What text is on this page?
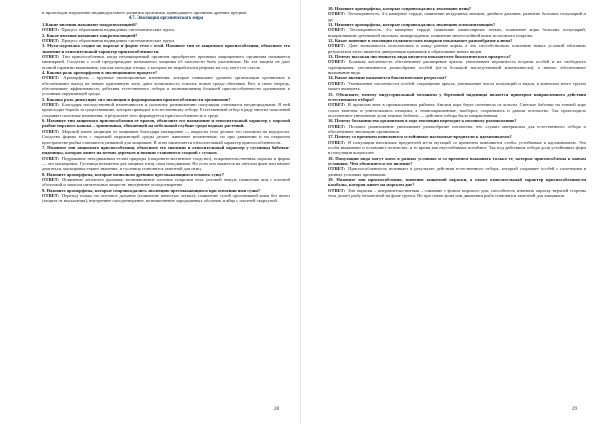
и происходит нарушение индивидуального развития организма, приводящего причинам древних предков.

4.7. Эволюция органического мира

1.Какие явления называют макроэволюцией?

ОТВЕТ: Процесс образования надвидовых систематических групп.

2. Какое явление называют макроэволюцией?

ОТВЕТ: Процесс образования надвидовых систематических групп.

3. Муха-журчалка сходна по окраске и форме тела с осой. Назовите тип ее защитного приспособления, объясните его значение и относительный характер приспособленности.

ОТВЕТ: Тип приспособления, когда незащищенный организм приобретает признаки защищенного организма называется мимикрией. Сходство с осой предупреждает возможного хищника об опасности быть ужаленным. Но эта защита не дает полной гарантии выживания, так как молодые птицы, у которых не выработался рефлекс на осу, могут ее съесть.

4. Какова роль ароморфозов в эволюционном процессе?

ОТВЕТ: Ароморфозы – крупные эволюционные изменения, которые повышают уровень организации организмов и обеспечивают выход на новую адаптивную зону, дают возможность освоить новые среды обитания. Вот, в свою очередь, обеспечивает эффективность действия естественного отбора и возникновения большей приспособленности организмов к условиям окружающей среды.

5. Каковы роль движущих сил эволюции в формировании приспособленности организмов?

ОТВЕТ: Благодаря наследственной изменчивости и половому размножению популяции становятся неоднородными. В ней происходит борьба за существование, которая приводит к естественному отбору. Естественный отбор в ряду многих поколений сохраняет полезные изменения, в результате чего формируется приспособленность к среде.

6. Назовите тип защитного приспособления от врагов, объясните его назначение и относительный характер у морской рыбки морского конька – тряпичника, обитающей на небольшой глубине среди водных растений.

ОТВЕТ: Морской конек защищен от хищников благодаря маскировке — выросты тела делают его похожим на водоросли. Сходство формы тела с окраской окружающей среды делает животное незаметным, но при движении и на открытом пространстве рыбка становится уязвимой для хищников. В этом заключается относительный характер приспособленности.

7. Назовите тип защитного приспособления, объясните его значение и относительный характер у гусеницы бабочки-пяденицы, которая живет на ветвях деревьев и внешне становится сходной с сучком.

ОТВЕТ: Подражание неподвижным телам природы (покровительственное сходство), покровительственная окраска и форма — это маскировка. Гусеница незаметна для хищных птиц, пока неподвижна. Но если она окажется на светлом фоне или начнет двигаться, маскировка теряет значение, и гусеница становится заметной для птиц.

8. Назовите ароморфозы, которые позволили древним пресмыкающимся освоить сушу?

ОТВЕТ: Появление легочного дыхания; возникновение плотных покровов тела, роговой чешуи; появление яиц с плотной оболочкой и запасом питательных веществ; внутреннее оплодотворение.

9. Назовите ароморфозы, которые сопровождались эволюцию пресмыкающихся при освоении ими суши?

ОТВЕТ: Переход только на легочное дыхание (появление ячеистых легких); появление сухой ороговевшей кожи без желез (защита от высыхания); внутреннее оплодотворение, возникновение зародышевых оболочек и яйца с плотной скорлупой.

28

10. Назовите ароморфозы, которые сопровождались эволюцию птиц?

ОТВЕТ: Теплокровность, 4-х камерное сердце, появление воздушных мешков, двойное дыхание, развитие больших полушарий и др.

11. Назовите ароморфозы, которые сопровождались эволюцию млекопитающих?

ОТВЕТ: Теплокровность, 4-х камерное сердце, появление альвеолярных легких, появление коры больших полушарий, вскармливание детенышей молоком, живорождение, появление многослойной кожи, волосяного покрова.

12. Какое значение в эволюции галапагосских вьюрков показывает разнообразие клюва?

ОТВЕТ: Дает возможность использовать в пищу разные корма, а это способствовало освоению новых условий обитания; результатом этого является дивергенция признаков и образование новых видов.

13. Почему высокая численность вида является показателем биологического прогресса?

ОТВЕТ: Большая численность обеспечивает расширение ареала, увеличивает вероятность встречи особей и их свободного скрещивания, увеличивается разнообразие особей (из-за большой наследственной изменчивости), а значит, обеспечивает выживание вида.

14. Какое явление называется биологическим регрессом?

ОТВЕТ: Уменьшение численности особей, сокращение ареала, уменьшение числа популяций и видов, в конечном итоге группа может вымереть.

15. Объясните, почему индустриальный меланизм у березовой пяденицы является примером направленного действия естественного отбора?

ОТВЕТ: В прошлом веке в промышленных районах Англии кора берез потемнела от копоти. Светлые бабочки на темной коре стали заметны и уничтожались птицами, а темноокрашенные, наоборот, сохранялись и давали потомство. Так происходило постепенное увеличение доли темных бабочек — действие отбора было направленным.

16. Почему большинство организмов в ходе эволюции переходят к половому размножению?

ОТВЕТ: Половое размножение увеличивает разнообразие потомства, что служит материалом для естественного отбора и обеспечивает эволюцию организмов.

17. Почему со временем появляются устойчивые насекомые-вредители к ядохимикатам?

ОТВЕТ: В популяции насекомых вредителей из-за мутаций со временем появляются особи, устойчивые к ядохимикатам. Эти особи выживают и оставляют потомство, в то время как неустойчивые погибают. Так под действием отбора доля устойчивых форм в популяции возрастает.

18. Популяции вида могут жить в разных условиях и со временем выживать только те, которые приспособлены к новым условиям. Чем объясняется это явление?

ОТВЕТ: Приспособленность возникает в результате действия естественного отбора, который сохраняет особей с полезными в данных условиях признаками.

19. Назовите тип приспособления, значение защитной окраски, а также относительный характер приспособленности камбалы, которая живет на морском дне?

ОТВЕТ: Тип окраски – покровительственная – сливание с фоном морского дна; способность изменять окраску верхней стороны тела делает рыбу незаметной на фоне грунта. Но при смене фона или движении рыба становится заметной для хищников.

29
